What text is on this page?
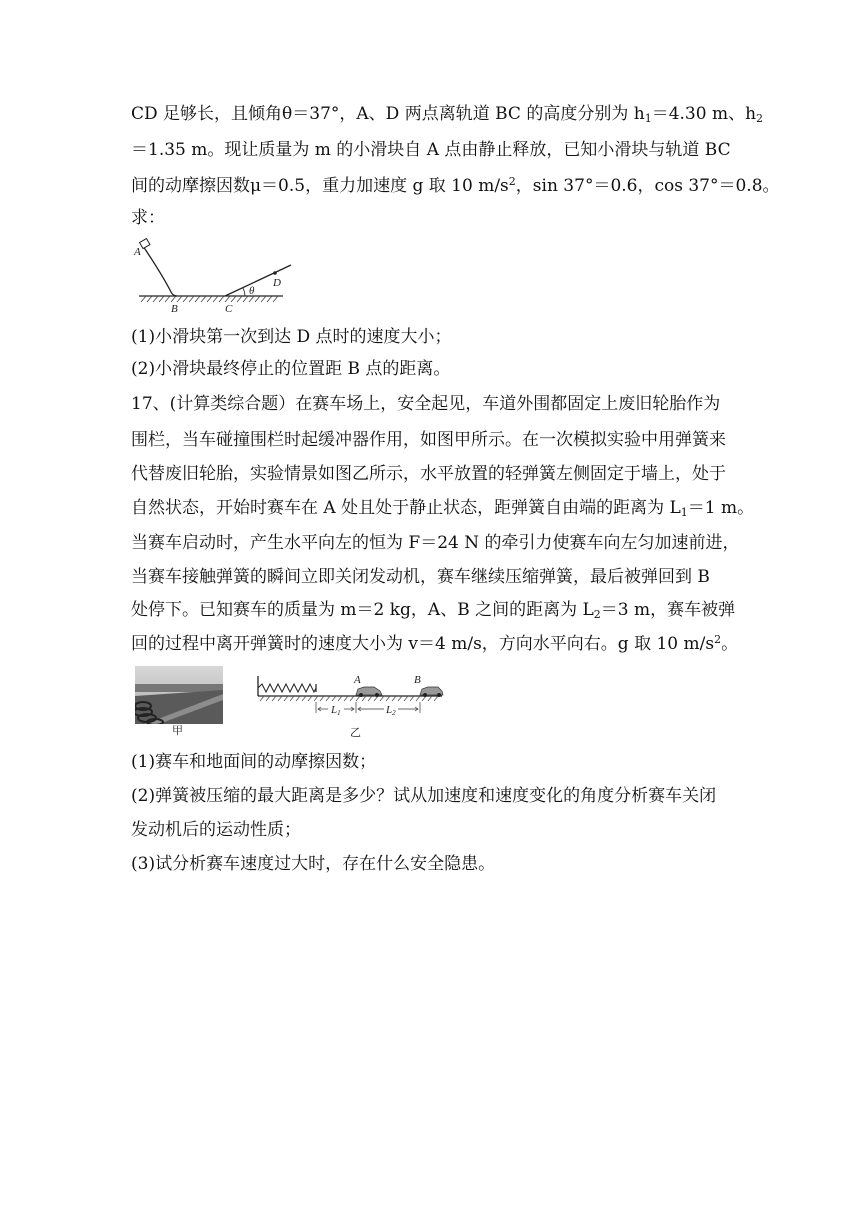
CD 足够长，且倾角θ＝37°，A、D 两点离轨道 BC 的高度分别为 $h_1=4.30$ m、$h_2$
＝1.35 m。现让质量为 m 的小滑块自 A 点由静止释放，已知小滑块与轨道 BC
间的动摩擦因数μ＝0.5，重力加速度 g 取 10 $m/s^2$，sin 37°＝0.6，cos 37°＝0.8。
求：
A
B	C
D
θ
(1)小滑块第一次到达 D 点时的速度大小；
(2)小滑块最终停止的位置距 B 点的距离。
17、(计算类综合题）在赛车场上，安全起见，车道外围都固定上废旧轮胎作为
围栏，当车碰撞围栏时起缓冲器作用，如图甲所示。在一次模拟实验中用弹簧来
代替废旧轮胎，实验情景如图乙所示，水平放置的轻弹簧左侧固定于墙上，处于
自然状态，开始时赛车在 A 处且处于静止状态，距弹簧自由端的距离为 $L_1=1$ m。
当赛车启动时，产生水平向左的恒为 F＝24 N 的牵引力使赛车向左匀加速前进，
当赛车接触弹簧的瞬间立即关闭发动机，赛车继续压缩弹簧，最后被弹回到 B
处停下。已知赛车的质量为 m＝2 kg，A、B 之间的距离为 $L_2=3$ m，赛车被弹
回的过程中离开弹簧时的速度大小为 v＝4 m/s，方向水平向右。g 取 10 $m/s^2$。
甲
A	B
L1	L2
乙
(1)赛车和地面间的动摩擦因数；
(2)弹簧被压缩的最大距离是多少？试从加速度和速度变化的角度分析赛车关闭
发动机后的运动性质；
(3)试分析赛车速度过大时，存在什么安全隐患。
